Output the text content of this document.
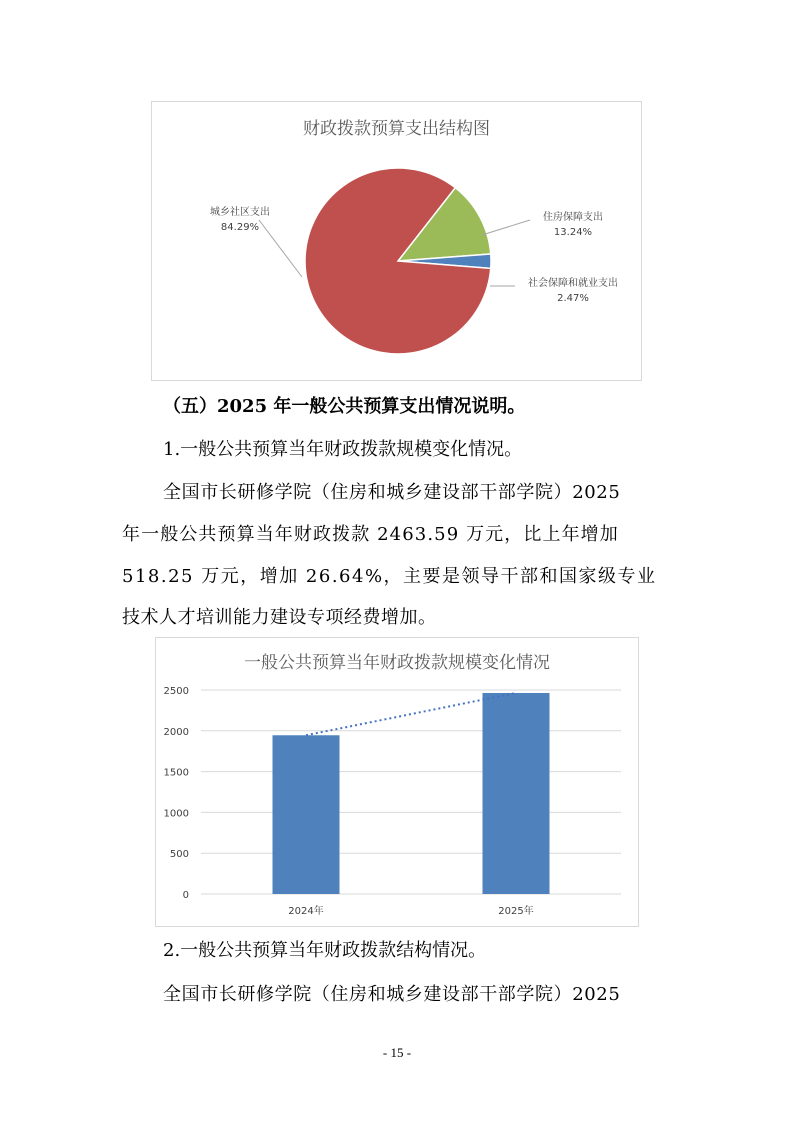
财政拨款预算支出结构图
城乡社区支出
84.29%
住房保障支出
13.24%
社会保障和就业支出
2.47%
（五）2025 年一般公共预算支出情况说明。
1.一般公共预算当年财政拨款规模变化情况。
全国市长研修学院（住房和城乡建设部干部学院）2025
年一般公共预算当年财政拨款 2463.59 万元，比上年增加
518.25 万元，增加 26.64%，主要是领导干部和国家级专业
技术人才培训能力建设专项经费增加。
一般公共预算当年财政拨款规模变化情况
0
500
1000
1500
2000
2500
2024年	2025年
2.一般公共预算当年财政拨款结构情况。
全国市长研修学院（住房和城乡建设部干部学院）2025
- 15 -
